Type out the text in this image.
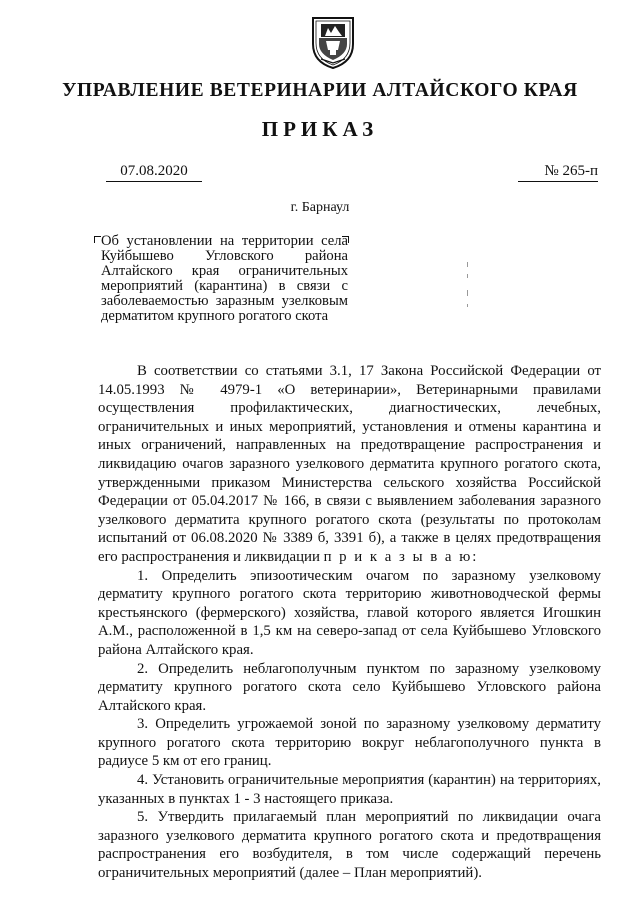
УПРАВЛЕНИЕ ВЕТЕРИНАРИИ АЛТАЙСКОГО КРАЯ
ПРИКАЗ
07.08.2020	№ 265-п
г. Барнаул
Об установлении на территории села Куйбышево Угловского района Алтайского края ограничительных мероприятий (карантина) в связи с заболеваемостью заразным узелковым дерматитом крупного рогатого скота

В соответствии со статьями 3.1, 17 Закона Российской Федерации от 14.05.1993 № 4979-1 «О ветеринарии», Ветеринарными правилами осуществления профилактических, диагностических, лечебных, ограничительных и иных мероприятий, установления и отмены карантина и иных ограничений, направленных на предотвращение распространения и ликвидацию очагов заразного узелкового дерматита крупного рогатого скота, утвержденными приказом Министерства сельского хозяйства Российской Федерации от 05.04.2017 № 166, в связи с выявлением заболевания заразного узелкового дерматита крупного рогатого скота (результаты по протоколам испытаний от 06.08.2020 № 3389 б, 3391 б), а также в целях предотвращения его распространения и ликвидации п р и к а з ы в а ю:

1. Определить эпизоотическим очагом по заразному узелковому дерматиту крупного рогатого скота территорию животноводческой фермы крестьянского (фермерского) хозяйства, главой которого является Игошкин А.М., расположенной в 1,5 км на северо-запад от села Куйбышево Угловского района Алтайского края.

2. Определить неблагополучным пунктом по заразному узелковому дерматиту крупного рогатого скота село Куйбышево Угловского района Алтайского края.

3. Определить угрожаемой зоной по заразному узелковому дерматиту крупного рогатого скота территорию вокруг неблагополучного пункта в радиусе 5 км от его границ.

4. Установить ограничительные мероприятия (карантин) на территориях, указанных в пунктах 1 - 3 настоящего приказа.

5. Утвердить прилагаемый план мероприятий по ликвидации очага заразного узелкового дерматита крупного рогатого скота и предотвращения распространения его возбудителя, в том числе содержащий перечень ограничительных мероприятий (далее – План мероприятий).
